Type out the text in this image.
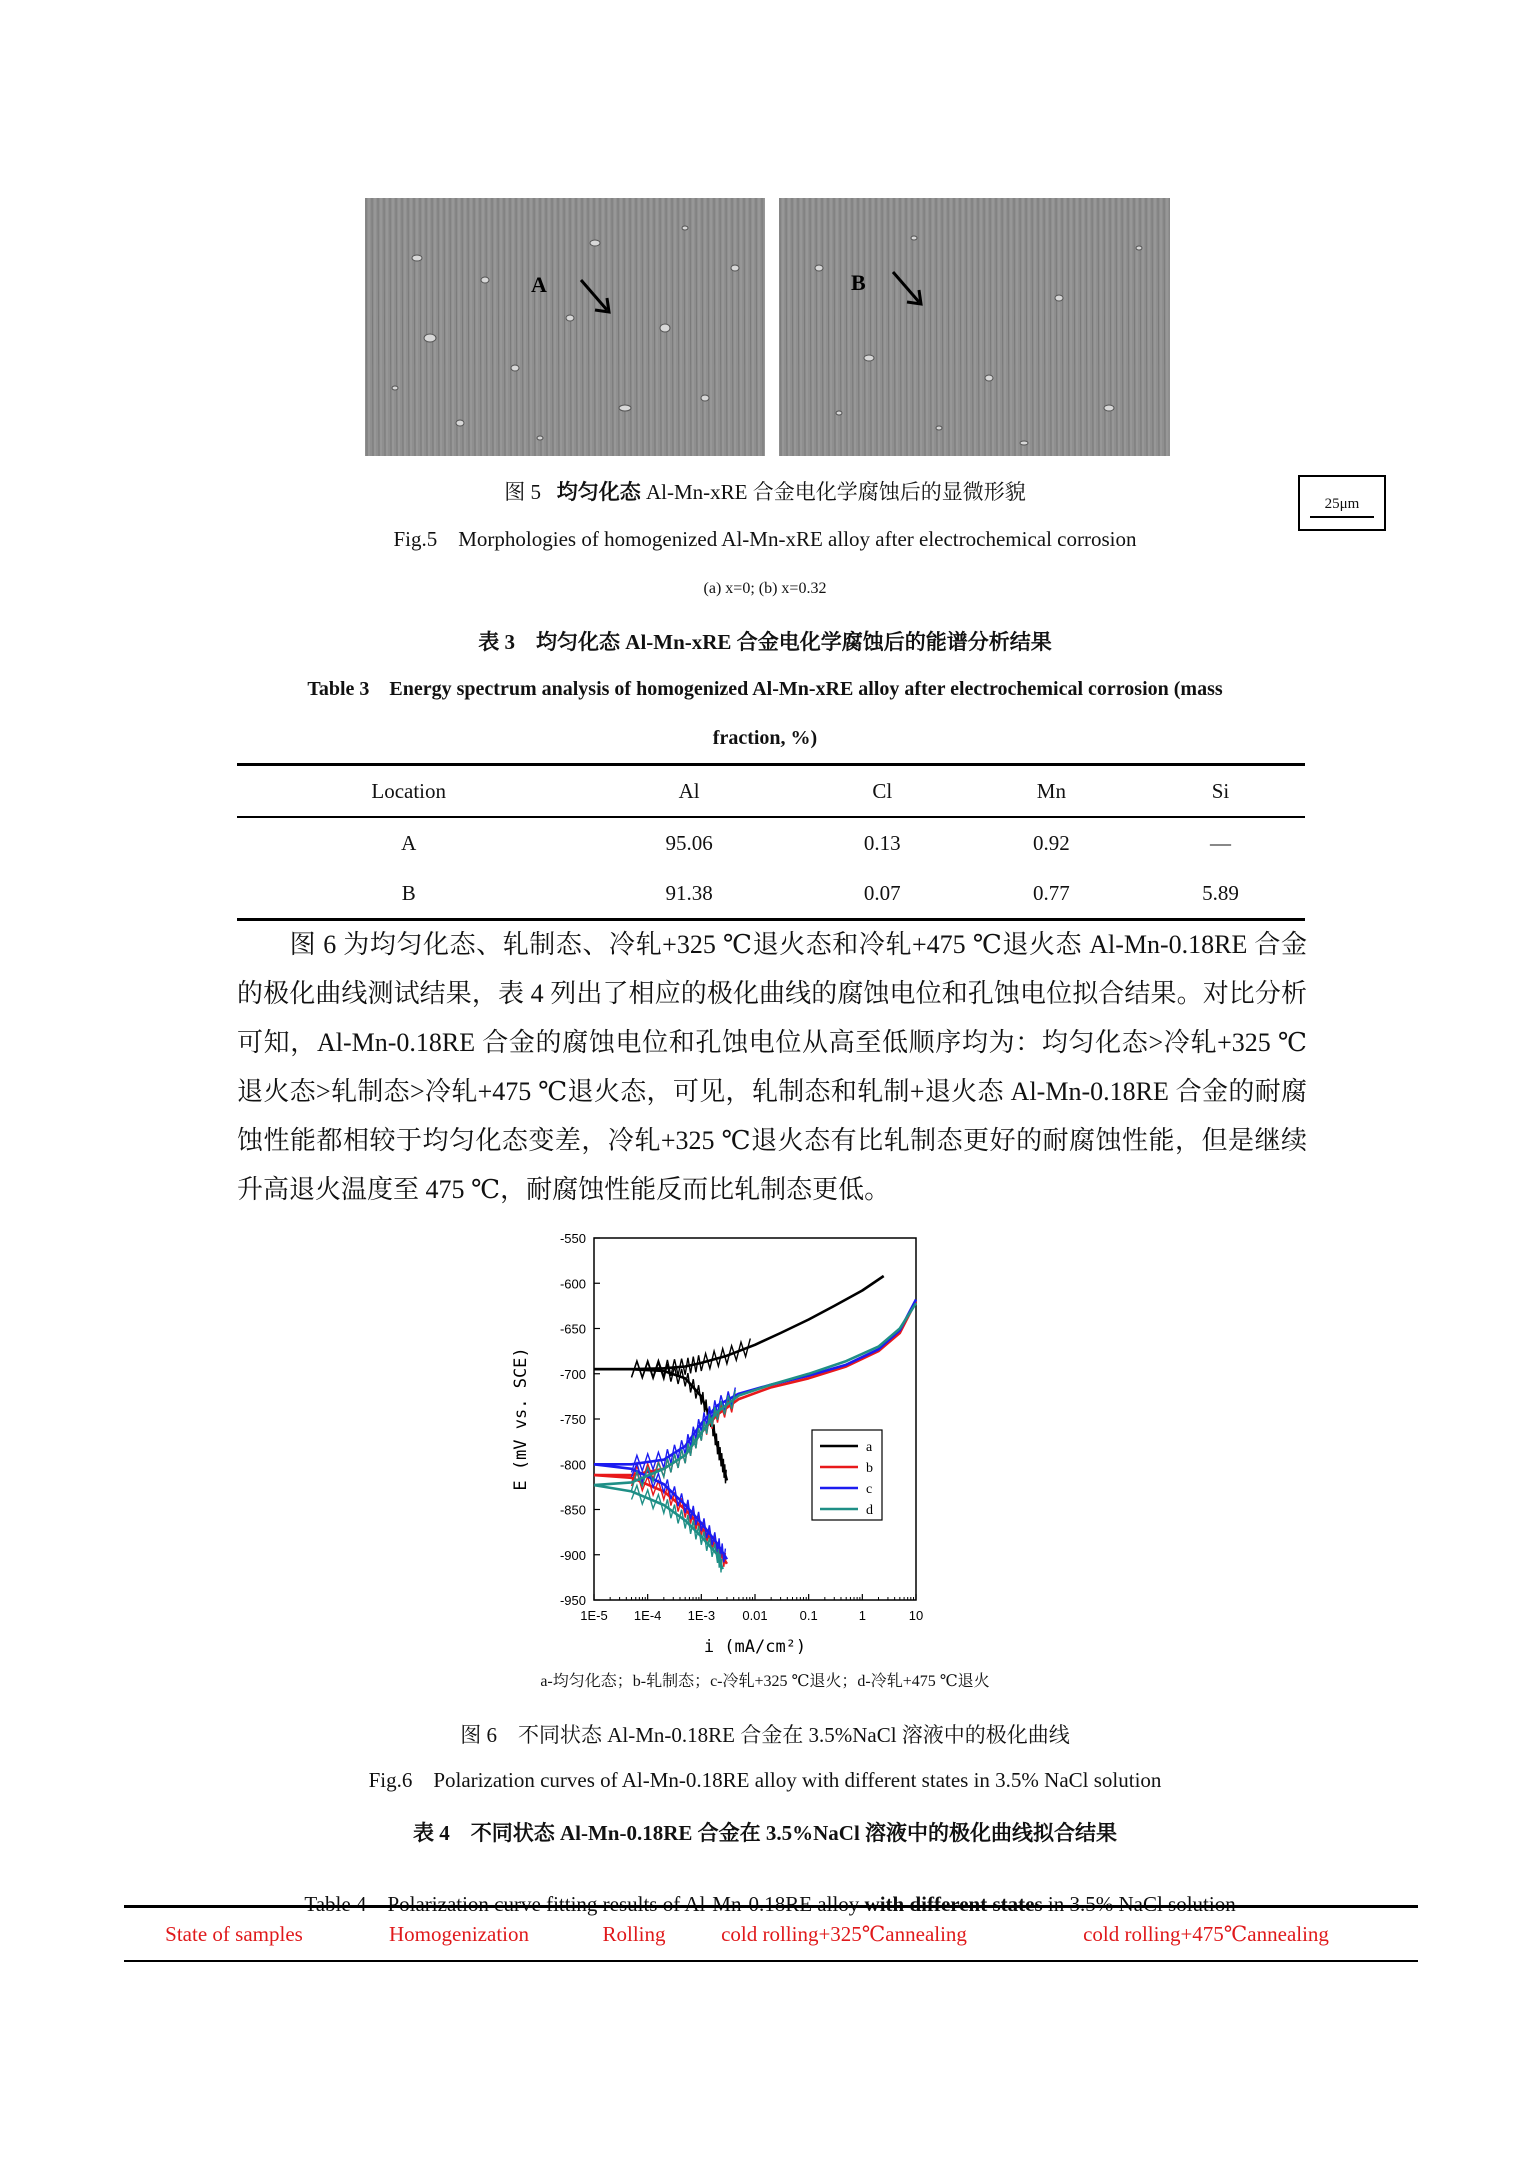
A	B
25μm
图 5 均匀化态 Al-Mn-xRE 合金电化学腐蚀后的显微形貌
Fig.5    Morphologies of homogenized Al-Mn-xRE alloy after electrochemical corrosion
(a) x=0; (b) x=0.32
表 3    均匀化态 Al-Mn-xRE 合金电化学腐蚀后的能谱分析结果
Table 3    Energy spectrum analysis of homogenized Al-Mn-xRE alloy after electrochemical corrosion (mass
fraction, %)
Location	Al	Cl	Mn	Si
A	95.06	0.13	0.92	—
B	91.38	0.07	0.77	5.89
图 6 为均匀化态、轧制态、冷轧+325 ℃退火态和冷轧+475 ℃退火态 Al-Mn-0.18RE 合金的极化曲线测试结果，表 4 列出了相应的极化曲线的腐蚀电位和孔蚀电位拟合结果。对比分析可知，Al-Mn-0.18RE 合金的腐蚀电位和孔蚀电位从高至低顺序均为：均匀化态>冷轧+325 ℃退火态>轧制态>冷轧+475 ℃退火态，可见，轧制态和轧制+退火态 Al-Mn-0.18RE 合金的耐腐蚀性能都相较于均匀化态变差，冷轧+325 ℃退火态有比轧制态更好的耐腐蚀性能，但是继续升高退火温度至 475 ℃，耐腐蚀性能反而比轧制态更低。
-550
-600
-650
-700
-750
-800
-850
-900
-950
1E-5 1E-4 1E-3 0.01 0.1	1	10
i (mA/cm²)
E (mV vs. SCE)	a
b
c
d
a-均匀化态；b-轧制态；c-冷轧+325 ℃退火；d-冷轧+475 ℃退火
图 6    不同状态 Al-Mn-0.18RE 合金在 3.5%NaCl 溶液中的极化曲线
Fig.6    Polarization curves of Al-Mn-0.18RE alloy with different states in 3.5% NaCl solution
表 4    不同状态 Al-Mn-0.18RE 合金在 3.5%NaCl 溶液中的极化曲线拟合结果

Table 4    Polarization curve fitting results of Al-Mn-0.18RE alloy with different states in 3.5% NaCl solution

State of samples	Homogenization	Rolling	cold rolling+325℃annealing	cold rolling+475℃annealing
